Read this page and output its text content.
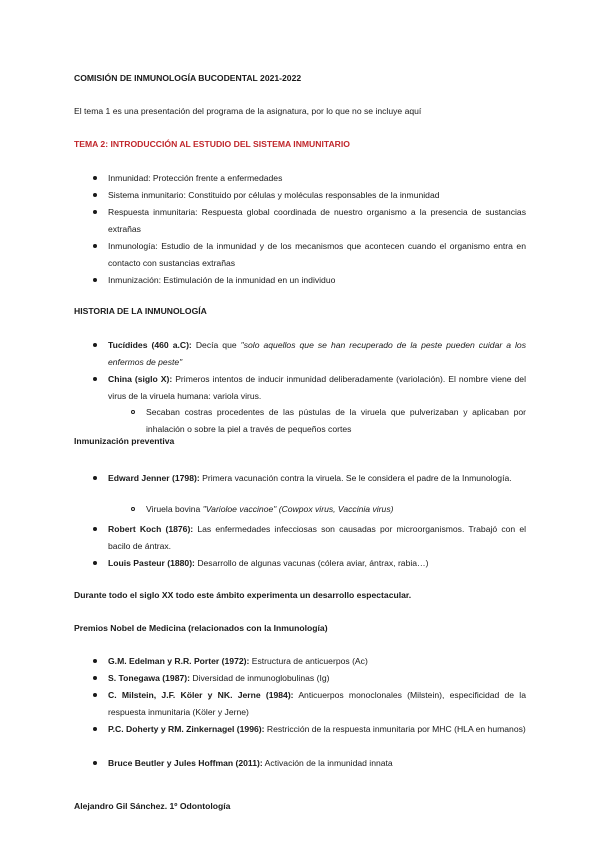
COMISIÓN DE INMUNOLOGÍA BUCODENTAL 2021-2022
El tema 1 es una presentación del programa de la asignatura, por lo que no se incluye aquí
TEMA 2: INTRODUCCIÓN AL ESTUDIO DEL SISTEMA INMUNITARIO
Inmunidad: Protección frente a enfermedades
Sistema inmunitario: Constituido por células y moléculas responsables de la inmunidad
Respuesta inmunitaria: Respuesta global coordinada de nuestro organismo a la presencia de sustancias extrañas
Inmunología: Estudio de la inmunidad y de los mecanismos que acontecen cuando el organismo entra en contacto con sustancias extrañas
Inmunización: Estimulación de la inmunidad en un individuo
HISTORIA DE LA INMUNOLOGÍA
Tucídides (460 a.C): Decía que "solo aquellos que se han recuperado de la peste pueden cuidar a los enfermos de peste"
China (siglo X): Primeros intentos de inducir inmunidad deliberadamente (variolación). El nombre viene del virus de la viruela humana: variola virus.
Secaban costras procedentes de las pústulas de la viruela que pulverizaban y aplicaban por inhalación o sobre la piel a través de pequeños cortes
Inmunización preventiva
Edward Jenner (1798): Primera vacunación contra la viruela. Se le considera el padre de la Inmunología.
Viruela bovina "Varioloe vaccinoe" (Cowpox virus, Vaccinia virus)
Robert Koch (1876): Las enfermedades infecciosas son causadas por microorganismos. Trabajó con el bacilo de ántrax.
Louis Pasteur (1880): Desarrollo de algunas vacunas (cólera aviar, ántrax, rabia…)
Durante todo el siglo XX todo este ámbito experimenta un desarrollo espectacular.
Premios Nobel de Medicina (relacionados con la Inmunología)
G.M. Edelman y R.R. Porter (1972): Estructura de anticuerpos (Ac)
S. Tonegawa (1987): Diversidad de inmunoglobulinas (Ig)
C. Milstein, J.F. Köler y NK. Jerne (1984): Anticuerpos monoclonales (Milstein), especificidad de la respuesta inmunitaria (Köler y Jerne)
P.C. Doherty y RM. Zinkernagel (1996): Restricción de la respuesta inmunitaria por MHC (HLA en humanos)
Bruce Beutler y Jules Hoffman (2011): Activación de la inmunidad innata
Alejandro Gil Sánchez. 1º Odontología
